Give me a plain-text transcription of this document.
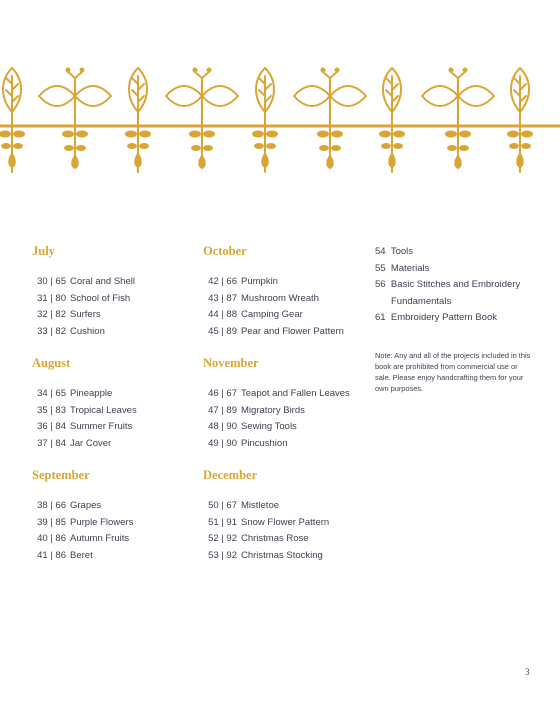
July
30 | 65 Coral and Shell
31 | 80 School of Fish
32 | 82 Surfers
33 | 82 Cushion
August
34 | 65 Pineapple
35 | 83 Tropical Leaves
36 | 84 Summer Fruits
37 | 84 Jar Cover
September
38 | 66 Grapes
39 | 85 Purple Flowers
40 | 86 Autumn Fruits
41 | 86 Beret
October
42 | 66 Pumpkin
43 | 87 Mushroom Wreath
44 | 88 Camping Gear
45 | 89 Pear and Flower Pattern
November
46 | 67 Teapot and Fallen Leaves
47 | 89 Migratory Birds
48 | 90 Sewing Tools
49 | 90 Pincushion
December
50 | 67 Mistletoe
51 | 91 Snow Flower Pattern
52 | 92 Christmas Rose
53 | 92 Christmas Stocking
54 Tools
55 Materials
56 Basic Stitches and Embroidery
Fundamentals
61 Embroidery Pattern Book
Note: Any and all of the projects included in this book are prohibited from commercial use or sale. Please enjoy handcrafting them for your own purposes.
3
